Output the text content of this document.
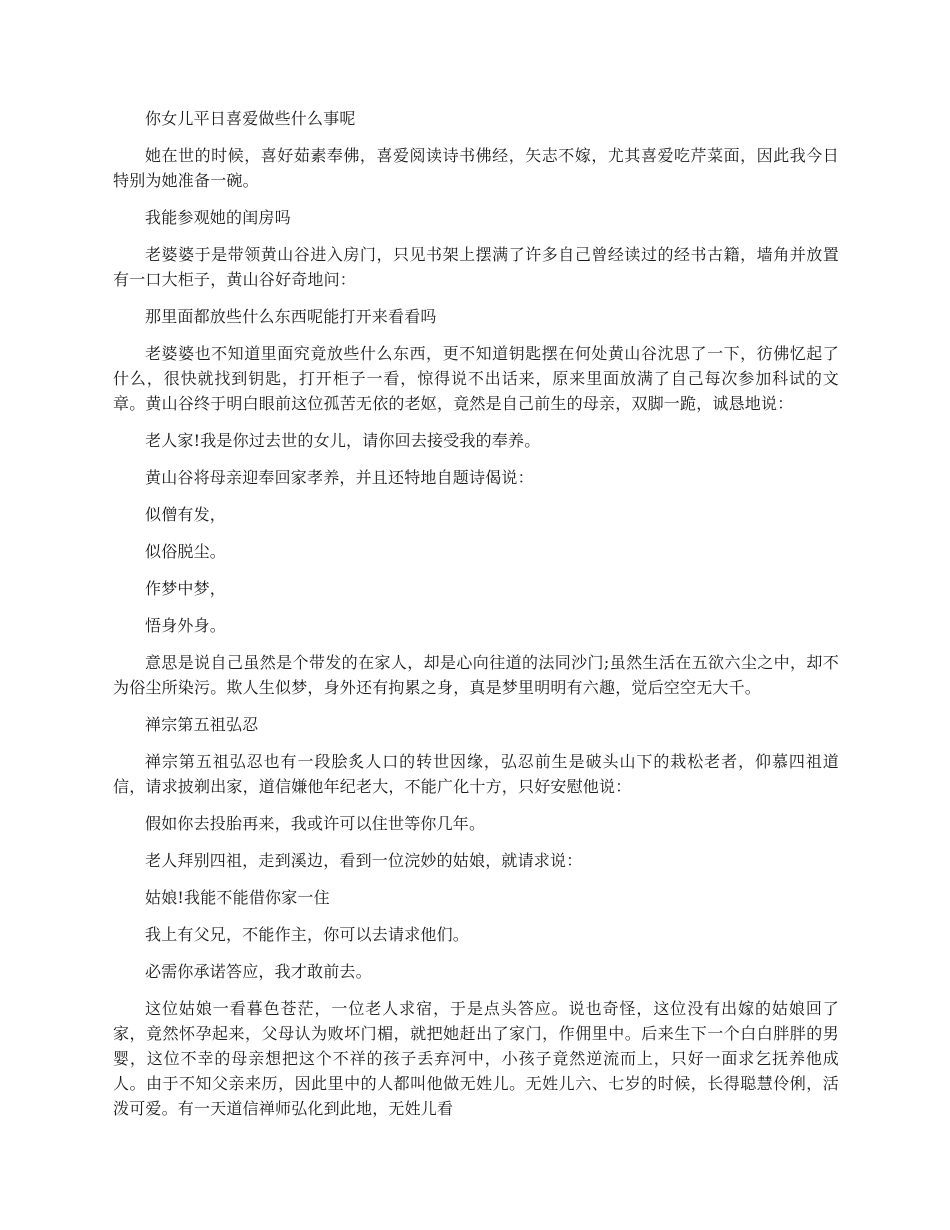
你女儿平日喜爱做些什么事呢

她在世的时候，喜好茹素奉佛，喜爱阅读诗书佛经，矢志不嫁，尤其喜爱吃芹菜面，因此我今日特别为她准备一碗。

我能参观她的闺房吗

老婆婆于是带领黄山谷进入房门，只见书架上摆满了许多自己曾经读过的经书古籍，墙角并放置有一口大柜子，黄山谷好奇地问：

那里面都放些什么东西呢能打开来看看吗

老婆婆也不知道里面究竟放些什么东西，更不知道钥匙摆在何处黄山谷沈思了一下，彷佛忆起了什么，很快就找到钥匙，打开柜子一看，惊得说不出话来，原来里面放满了自己每次参加科试的文章。黄山谷终于明白眼前这位孤苦无依的老妪，竟然是自己前生的母亲，双脚一跪，诚恳地说：

老人家!我是你过去世的女儿，请你回去接受我的奉养。

黄山谷将母亲迎奉回家孝养，并且还特地自题诗偈说：

似僧有发，

似俗脱尘。

作梦中梦，

悟身外身。

意思是说自己虽然是个带发的在家人，却是心向往道的法同沙门;虽然生活在五欲六尘之中，却不为俗尘所染污。欺人生似梦，身外还有拘累之身，真是梦里明明有六趣，觉后空空无大千。

禅宗第五祖弘忍

禅宗第五祖弘忍也有一段脍炙人口的转世因缘，弘忍前生是破头山下的栽松老者，仰慕四祖道信，请求披剃出家，道信嫌他年纪老大，不能广化十方，只好安慰他说：

假如你去投胎再来，我或许可以住世等你几年。

老人拜别四祖，走到溪边，看到一位浣妙的姑娘，就请求说：

姑娘!我能不能借你家一住

我上有父兄，不能作主，你可以去请求他们。

必需你承诺答应，我才敢前去。

这位姑娘一看暮色苍茫，一位老人求宿，于是点头答应。说也奇怪，这位没有出嫁的姑娘回了家，竟然怀孕起来，父母认为败坏门楣，就把她赶出了家门，作佣里中。后来生下一个白白胖胖的男婴，这位不幸的母亲想把这个不祥的孩子丢弃河中，小孩子竟然逆流而上，只好一面求乞抚养他成人。由于不知父亲来历，因此里中的人都叫他做无姓儿。无姓儿六、七岁的时候，长得聪慧伶俐，活泼可爱。有一天道信禅师弘化到此地，无姓儿看
